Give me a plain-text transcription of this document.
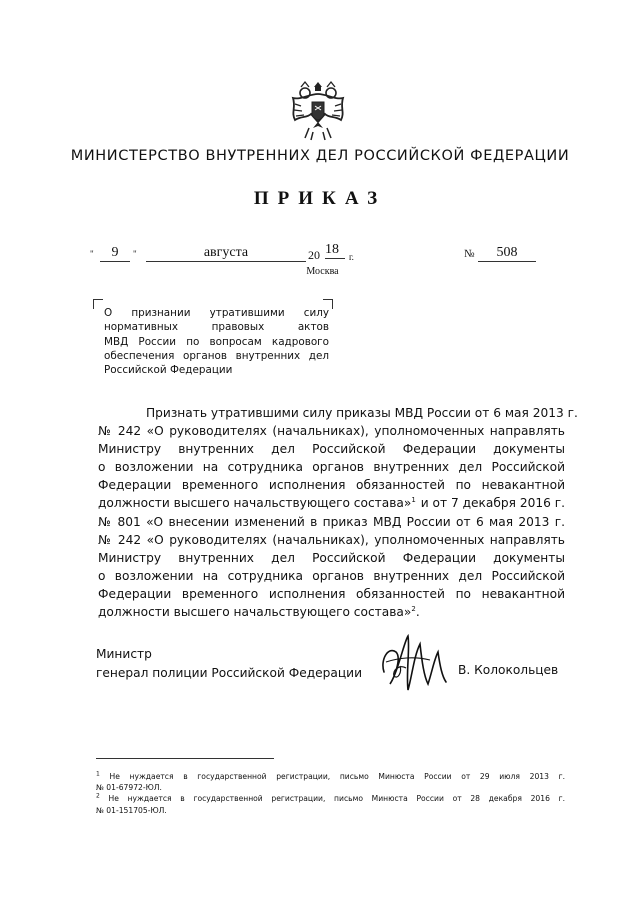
МИНИСТЕРСТВО ВНУТРЕННИХ ДЕЛ РОССИЙСКОЙ ФЕДЕРАЦИИ
ПРИКАЗ
"	9	"	августа	20 18	г.	№	508
Москва
О признании утратившими силу
нормативных правовых актов
МВД России по вопросам кадрового
обеспечения органов внутренних дел
Российской Федерации
Признать утратившими силу приказы МВД России от 6 мая 2013 г.
№ 242 «О руководителях (начальниках), уполномоченных направлять
Министру внутренних дел Российской Федерации документы
о возложении на сотрудника органов внутренних дел Российской
Федерации временного исполнения обязанностей по невакантной
должности высшего начальствующего состава»$^1$ и от 7 декабря 2016 г.
№ 801 «О внесении изменений в приказ МВД России от 6 мая 2013 г.
№ 242 «О руководителях (начальниках), уполномоченных направлять
Министру внутренних дел Российской Федерации документы
о возложении на сотрудника органов внутренних дел Российской
Федерации временного исполнения обязанностей по невакантной
должности высшего начальствующего состава»$^2$.
Министр
генерал полиции Российской Федерации	В. Колокольцев
$^1$ Не нуждается в государственной регистрации, письмо Минюста России от 29 июля 2013 г.
№ 01-67972-ЮЛ.
$^2$ Не нуждается в государственной регистрации, письмо Минюста России от 28 декабря 2016 г.
№ 01-151705-ЮЛ.
